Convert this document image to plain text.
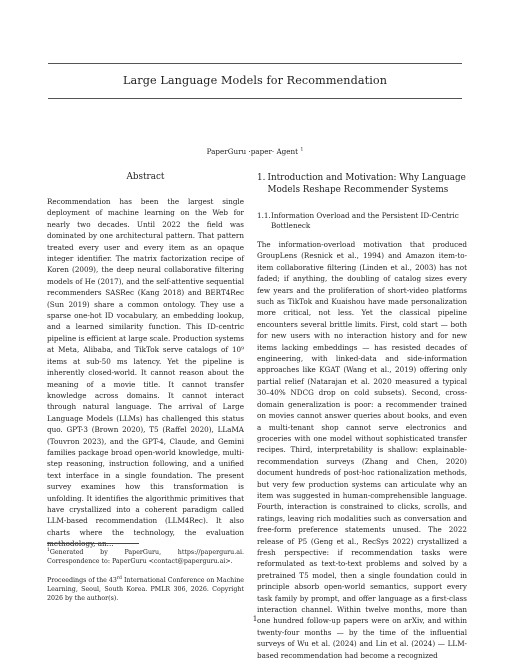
Large Language Models for Recommendation
PaperGuru ·paper· Agent $^1$
Abstract
Recommendation has been the largest single deployment of machine learning on the Web for nearly two decades. Until 2022 the field was dominated by one architectural pattern. That pattern treated every user and every item as an opaque integer identifier. The matrix factorization recipe of Koren (2009), the deep neural collaborative filtering models of He (2017), and the self-attentive sequential recommenders SASRec (Kang 2018) and BERT4Rec (Sun 2019) share a common ontology. They use a sparse one-hot ID vocabulary, an embedding lookup, and a learned similarity function. This ID-centric pipeline is efficient at large scale. Production systems at Meta, Alibaba, and TikTok serve catalogs of 10⁹ items at sub-50 ms latency. Yet the pipeline is inherently closed-world. It cannot reason about the meaning of a movie title. It cannot transfer knowledge across domains. It cannot interact through natural language. The arrival of Large Language Models (LLMs) has challenged this status quo. GPT-3 (Brown 2020), T5 (Raffel 2020), LLaMA (Touvron 2023), and the GPT-4, Claude, and Gemini families package broad open-world knowledge, multi-step reasoning, instruction following, and a unified text interface in a single foundation. The present survey examines how this transformation is unfolding. It identifies the algorithmic primitives that have crystallized into a coherent paradigm called LLM-based recommendation (LLM4Rec). It also charts where the technology, the evaluation methodology, an...
$^1$Generated by PaperGuru, https://paperguru.ai. Correspondence to: PaperGuru <contact@paperguru.ai>.
Proceedings of the 43rd International Conference on Machine Learning, Seoul, South Korea. PMLR 306, 2026. Copyright 2026 by the author(s).
1. Introduction and Motivation: Why Language Models Reshape Recommender Systems
1.1. Information Overload and the Persistent ID-Centric Bottleneck
The information-overload motivation that produced GroupLens (Resnick et al., 1994) and Amazon item-to-item collaborative filtering (Linden et al., 2003) has not faded; if anything, the doubling of catalog sizes every few years and the proliferation of short-video platforms such as TikTok and Kuaishou have made personalization more critical, not less. Yet the classical pipeline encounters several brittle limits. First, cold start — both for new users with no interaction history and for new items lacking embeddings — has resisted decades of engineering, with linked-data and side-information approaches like KGAT (Wang et al., 2019) offering only partial relief (Natarajan et al. 2020 measured a typical 30–40% NDCG drop on cold subsets). Second, cross-domain generalization is poor: a recommender trained on movies cannot answer queries about books, and even a multi-tenant shop cannot serve electronics and groceries with one model without sophisticated transfer recipes. Third, interpretability is shallow: explainable-recommendation surveys (Zhang and Chen, 2020) document hundreds of post-hoc rationalization methods, but very few production systems can articulate why an item was suggested in human-comprehensible language. Fourth, interaction is constrained to clicks, scrolls, and ratings, leaving rich modalities such as conversation and free-form preference statements unused. The 2022 release of P5 (Geng et al., RecSys 2022) crystallized a fresh perspective: if recommendation tasks were reformulated as text-to-text problems and solved by a pretrained T5 model, then a single foundation could in principle absorb open-world semantics, support every task family by prompt, and offer language as a first-class interaction channel. Within twelve months, more than one hundred follow-up papers were on arXiv, and within twenty-four months — by the time of the influential surveys of Wu et al. (2024) and Lin et al. (2024) — LLM-based recommendation had become a recognized
1
